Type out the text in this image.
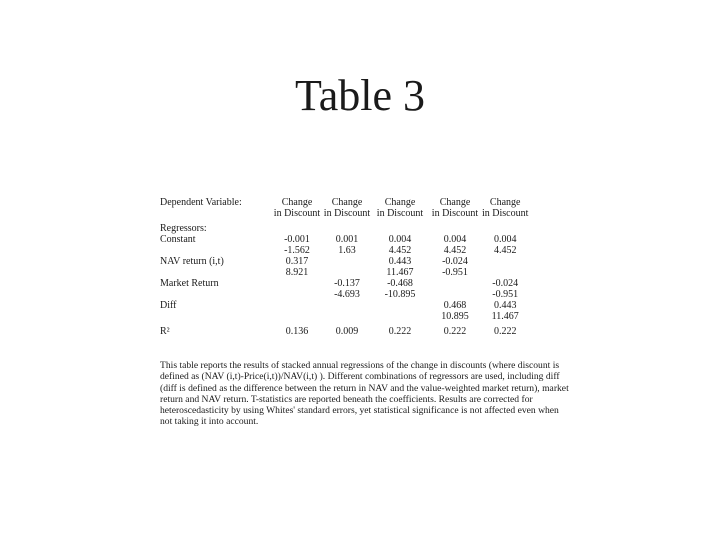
Table 3
Dependent Variable:	Change	Change	Change	Change	Change
	in Discount	in Discount	in Discount	in Discount	in Discount

Regressors:					
Constant	-0.001	0.001	0.004	0.004	0.004
	-1.562	1.63	4.452	4.452	4.452
NAV return (i,t)	0.317		0.443	-0.024	
	8.921		11.467	-0.951	
Market Return		-0.137	-0.468		-0.024
		-4.693	-10.895		-0.951
Diff				0.468	0.443
				10.895	11.467

R²	0.136	0.009	0.222	0.222	0.222
This table reports the results of stacked annual regressions of the change in discounts (where discount is defined as (NAV (i,t)-Price(i,t))/NAV(i,t) ). Different combinations of regressors are used, including diff (diff is defined as the difference between the return in NAV and the value-weighted market return), market return and NAV return. T-statistics are reported beneath the coefficients. Results are corrected for heteroscedasticity by using Whites' standard errors, yet statistical significance is not affected even when not taking it into account.
